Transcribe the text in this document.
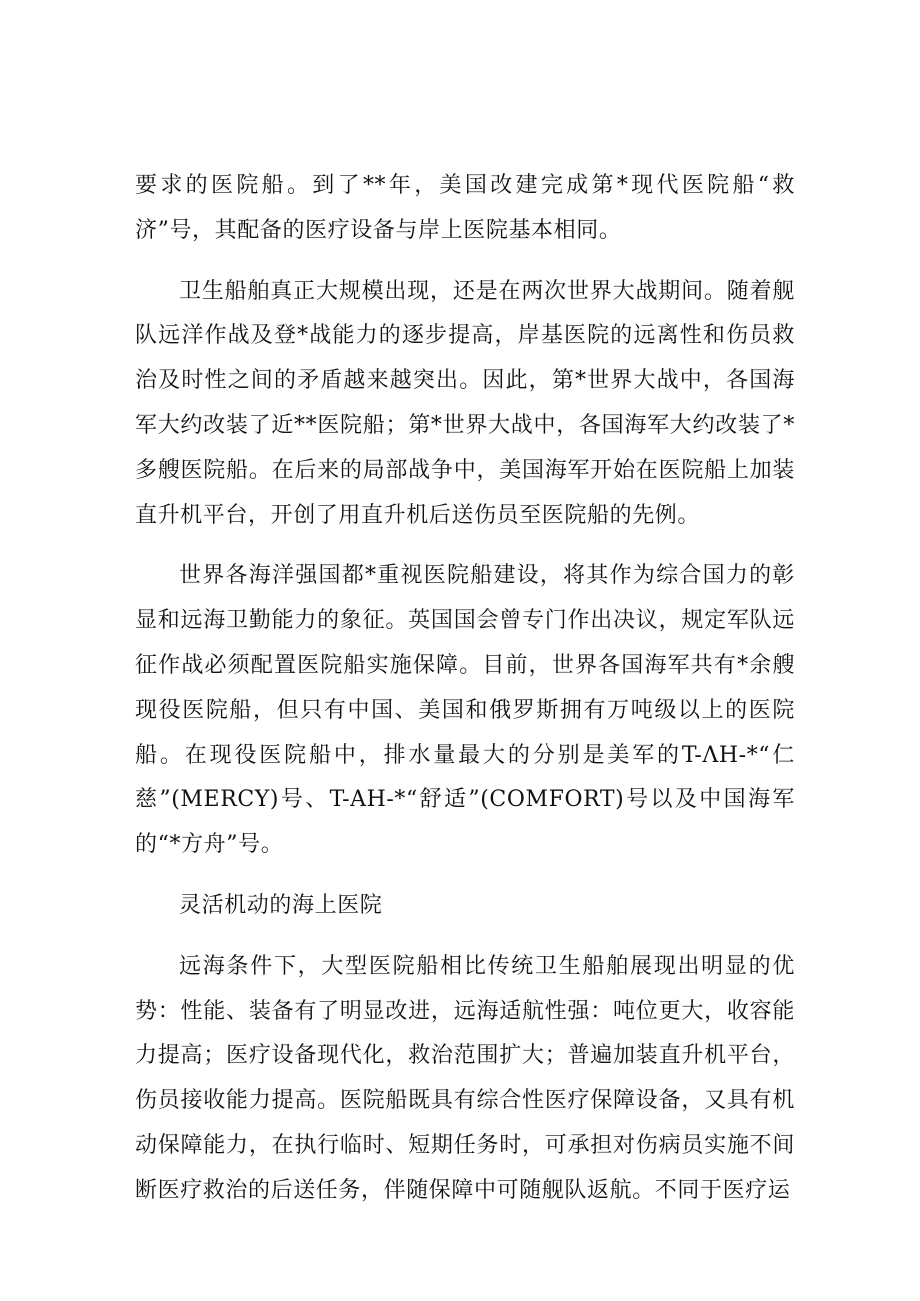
要求的医院船。到了**年，美国改建完成第*现代医院船“救济”号，其配备的医疗设备与岸上医院基本相同。

卫生船舶真正大规模出现，还是在两次世界大战期间。随着舰队远洋作战及登*战能力的逐步提高，岸基医院的远离性和伤员救治及时性之间的矛盾越来越突出。因此，第*世界大战中，各国海军大约改装了近**医院船；第*世界大战中，各国海军大约改装了*多艘医院船。在后来的局部战争中，美国海军开始在医院船上加装直升机平台，开创了用直升机后送伤员至医院船的先例。

世界各海洋强国都*重视医院船建设，将其作为综合国力的彰显和远海卫勤能力的象征。英国国会曾专门作出决议，规定军队远征作战必须配置医院船实施保障。目前，世界各国海军共有*余艘现役医院船，但只有中国、美国和俄罗斯拥有万吨级以上的医院船。在现役医院船中，排水量最大的分别是美军的T-ΛH-*“仁慈”(MERCY)号、T-AH-*“舒适”(COMFORT)号以及中国海军的“*方舟”号。

灵活机动的海上医院

远海条件下，大型医院船相比传统卫生船舶展现出明显的优势：性能、装备有了明显改进，远海适航性强：吨位更大，收容能力提高；医疗设备现代化，救治范围扩大；普遍加装直升机平台，伤员接收能力提高。医院船既具有综合性医疗保障设备，又具有机动保障能力，在执行临时、短期任务时，可承担对伤病员实施不间断医疗救治的后送任务，伴随保障中可随舰队返航。不同于医疗运
